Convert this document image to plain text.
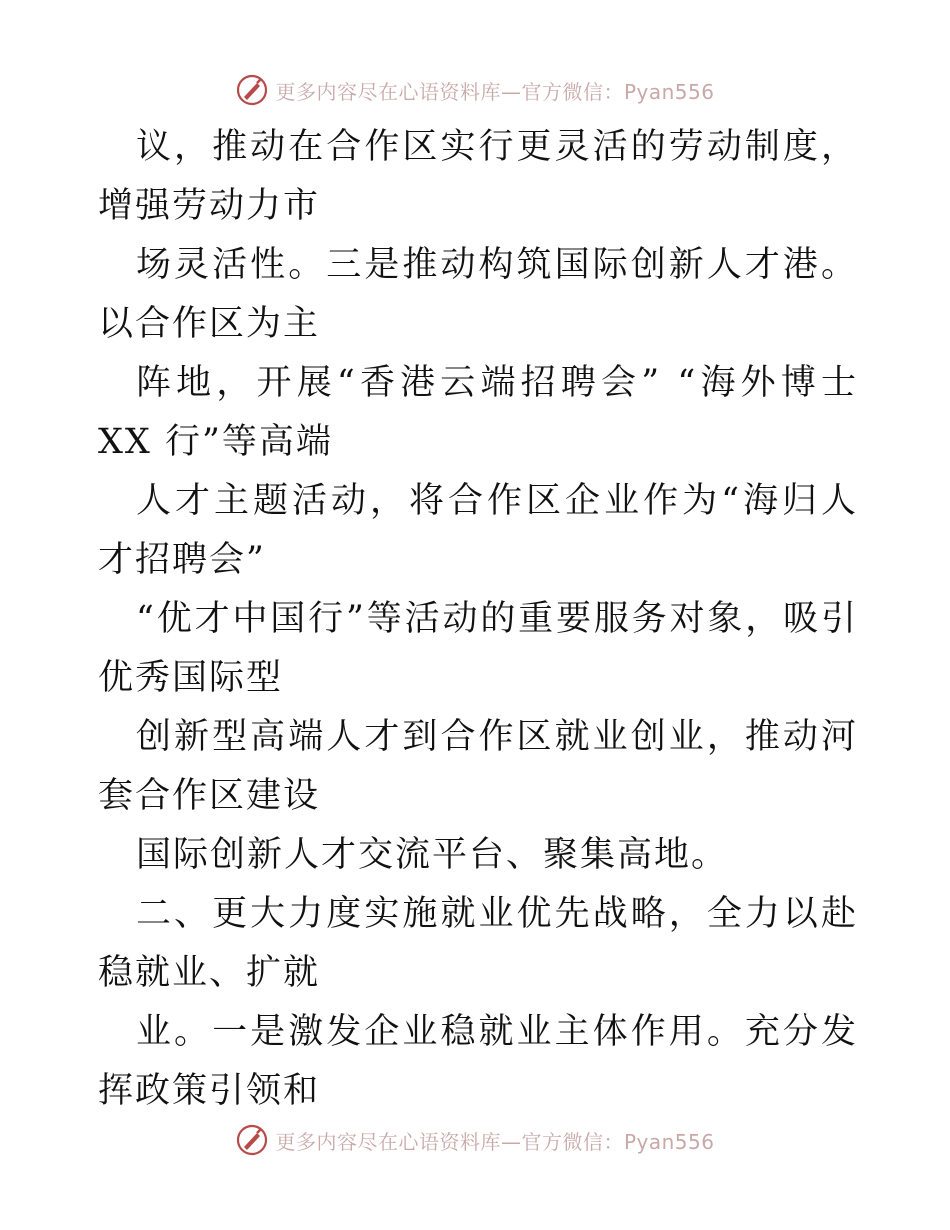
更多内容尽在心语资料库—官方微信：Pyan556

议，推动在合作区实行更灵活的劳动制度，增强劳动力市

场灵活性。三是推动构筑国际创新人才港。以合作区为主

阵地，开展“香港云端招聘会” “海外博士 XX 行”等高端

人才主题活动，将合作区企业作为“海归人才招聘会”

“优才中国行”等活动的重要服务对象，吸引优秀国际型

创新型高端人才到合作区就业创业，推动河套合作区建设

国际创新人才交流平台、聚集高地。

二、更大力度实施就业优先战略，全力以赴稳就业、扩就

业。一是激发企业稳就业主体作用。充分发挥政策引领和

更多内容尽在心语资料库—官方微信：Pyan556
